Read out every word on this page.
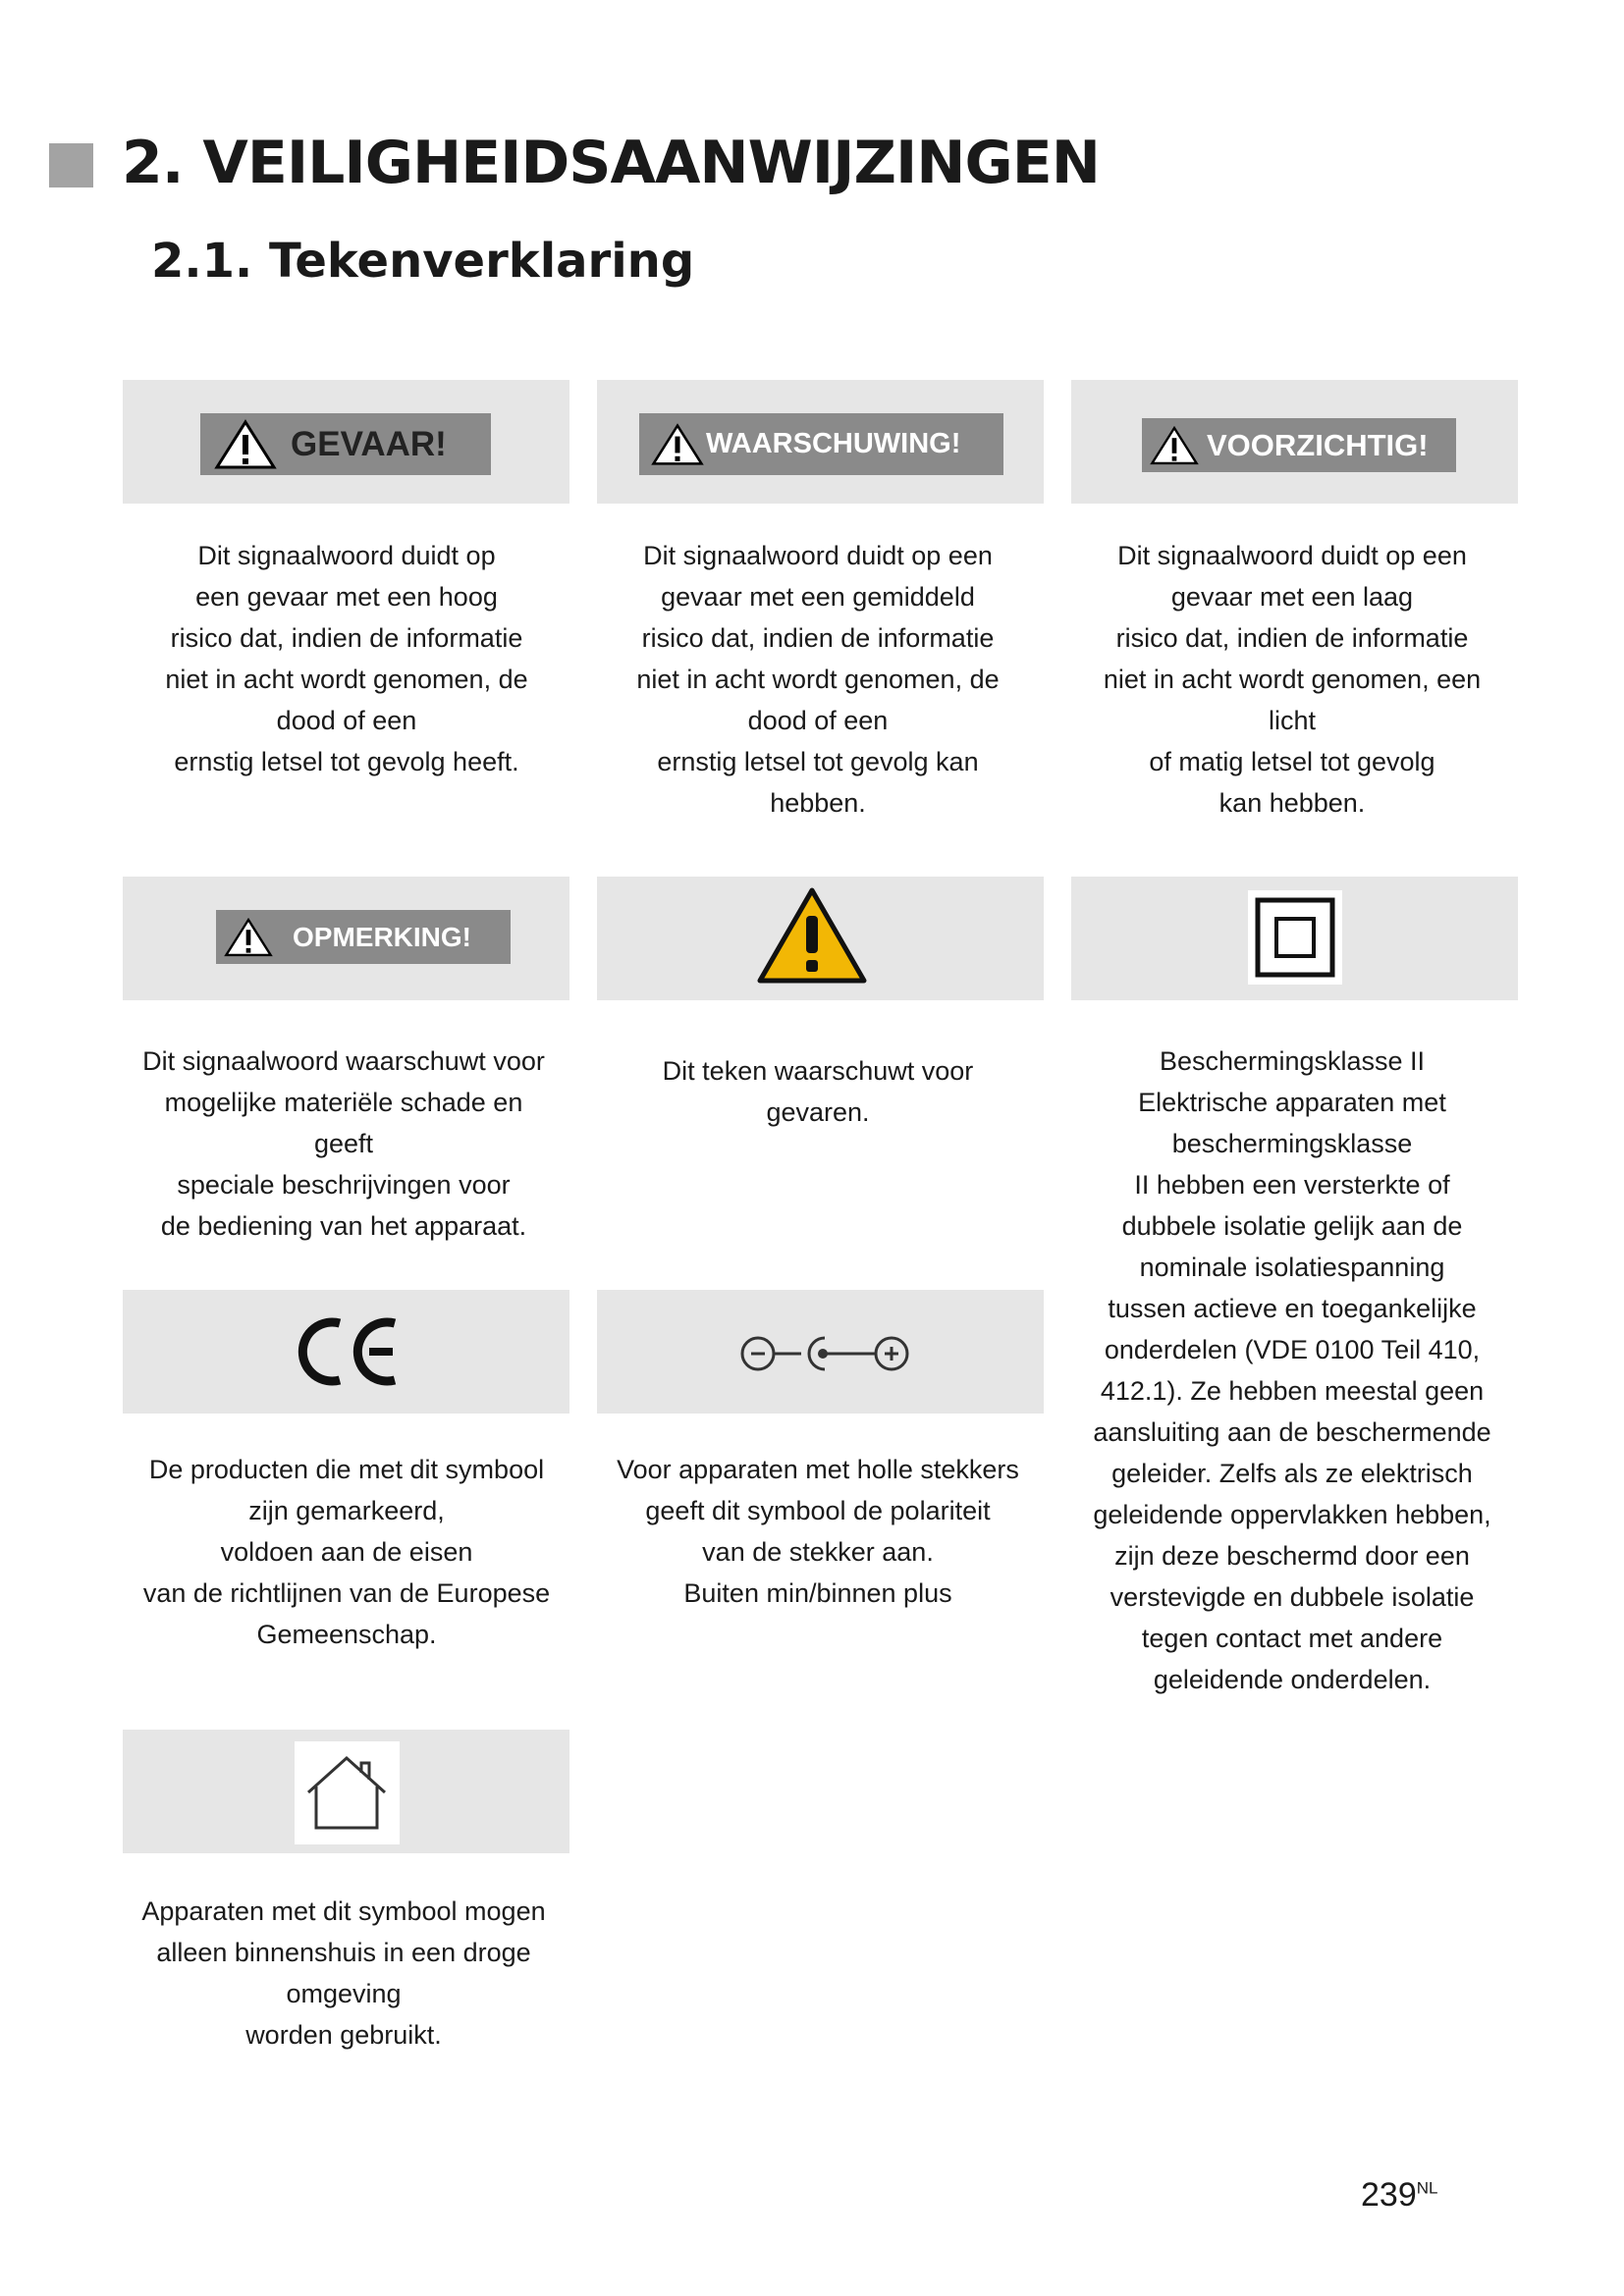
2. VEILIGHEIDSAANWIJZINGEN
2.1. Tekenverklaring
GEVAAR!
Dit signaalwoord duidt op
een gevaar met een hoog
risico dat, indien de informatie
niet in acht wordt genomen, de
dood of een
ernstig letsel tot gevolg heeft.
WAARSCHUWING!
Dit signaalwoord duidt op een
gevaar met een gemiddeld
risico dat, indien de informatie
niet in acht wordt genomen, de
dood of een
ernstig letsel tot gevolg kan
hebben.
VOORZICHTIG!
Dit signaalwoord duidt op een
gevaar met een laag
risico dat, indien de informatie
niet in acht wordt genomen, een
licht
of matig letsel tot gevolg
kan hebben.
OPMERKING!
Dit signaalwoord waarschuwt voor
mogelijke materiële schade en
geeft
speciale beschrijvingen voor
de bediening van het apparaat.
Dit teken waarschuwt voor
gevaren.
Beschermingsklasse II
Elektrische apparaten met
beschermingsklasse
II hebben een versterkte of
dubbele isolatie gelijk aan de
nominale isolatiespanning
tussen actieve en toegankelijke
onderdelen (VDE 0100 Teil 410,
412.1). Ze hebben meestal geen
aansluiting aan de beschermende
geleider. Zelfs als ze elektrisch
geleidende oppervlakken hebben,
zijn deze beschermd door een
verstevigde en dubbele isolatie
tegen contact met andere
geleidende onderdelen.
De producten die met dit symbool
zijn gemarkeerd,
voldoen aan de eisen
van de richtlijnen van de Europese
Gemeenschap.
Voor apparaten met holle stekkers
geeft dit symbool de polariteit
van de stekker aan.
Buiten min/binnen plus
Apparaten met dit symbool mogen
alleen binnenshuis in een droge
omgeving
worden gebruikt.
$239^{NL}$
